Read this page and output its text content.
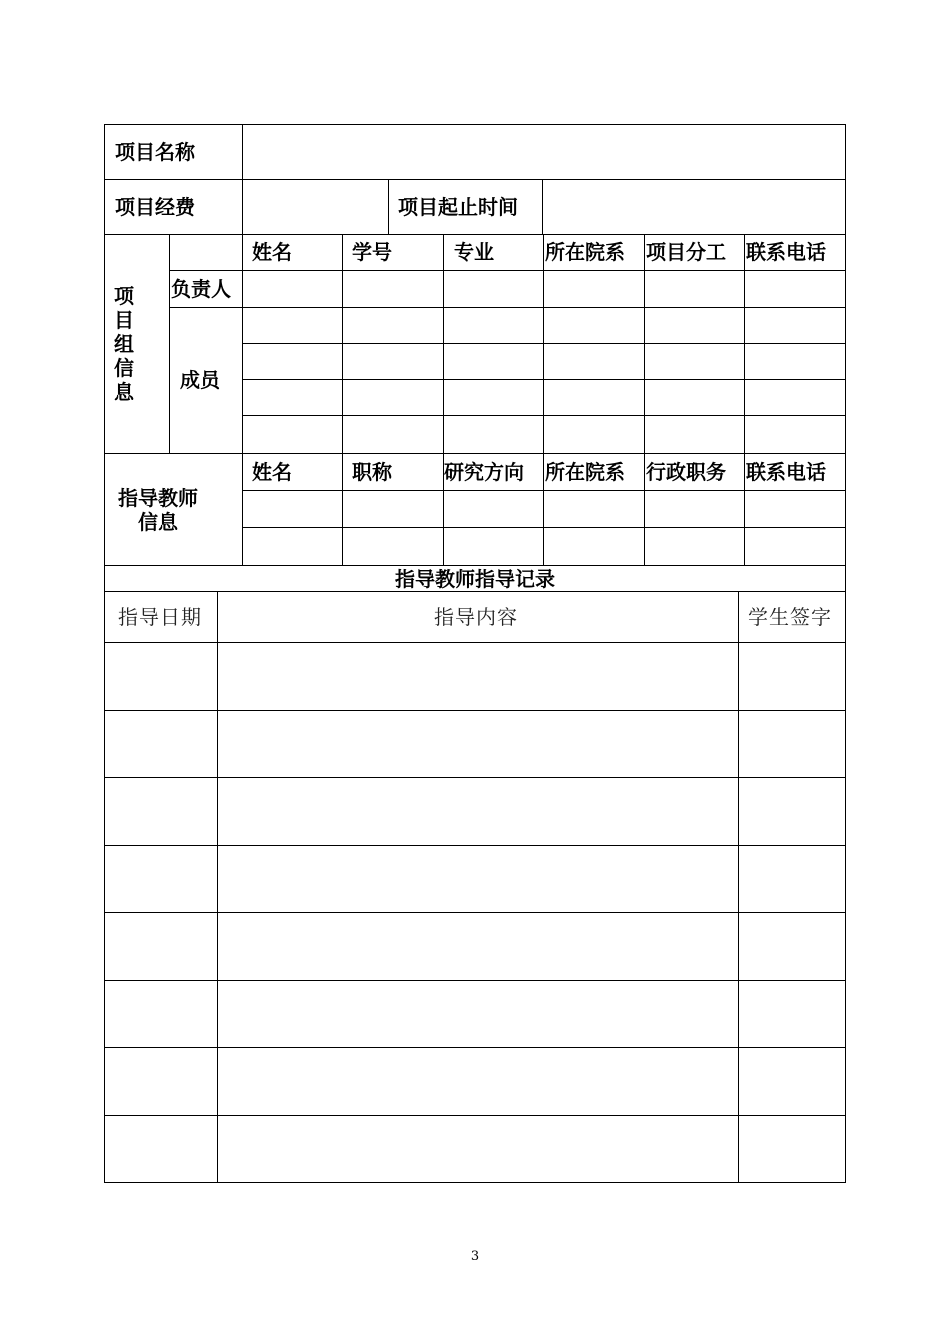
项目名称
项目经费	项目起止时间
项
目
组
信
息
姓名	学号	专业	所在院系 项目分工 联系电话
负责人
成员
指导教师
信息
姓名	职称	研究方向 所在院系 行政职务 联系电话
指导教师指导记录
指导日期	指导内容	学生签字
3
